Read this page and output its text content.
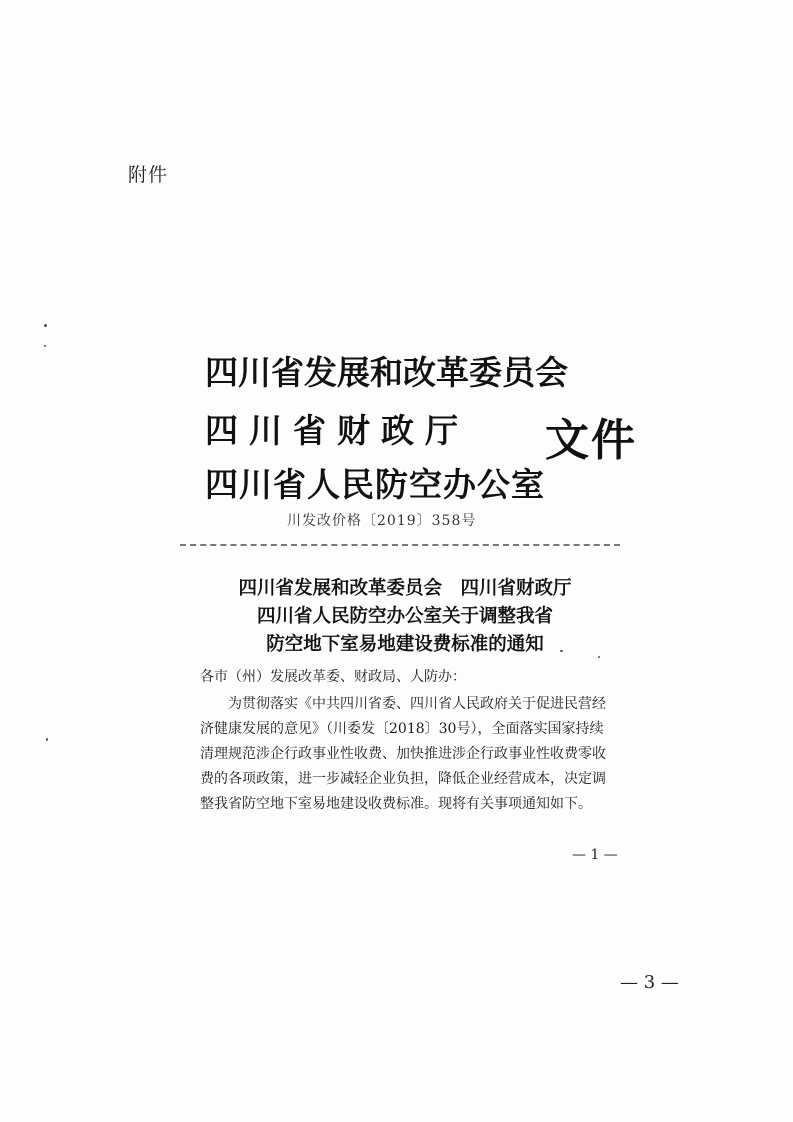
附件
四川省发展和改革委员会
四川省财政厅
四川省人民防空办公室
文件
川发改价格〔2019〕358号
四川省发展和改革委员会　四川省财政厅
四川省人民防空办公室关于调整我省
防空地下室易地建设费标准的通知
各市（州）发展改革委、财政局、人防办：
为贯彻落实《中共四川省委、四川省人民政府关于促进民营经
济健康发展的意见》（川委发〔2018〕30号），全面落实国家持续
清理规范涉企行政事业性收费、加快推进涉企行政事业性收费零收
费的各项政策，进一步减轻企业负担，降低企业经营成本，决定调
整我省防空地下室易地建设收费标准。现将有关事项通知如下。
— 1 —
— 3 —
